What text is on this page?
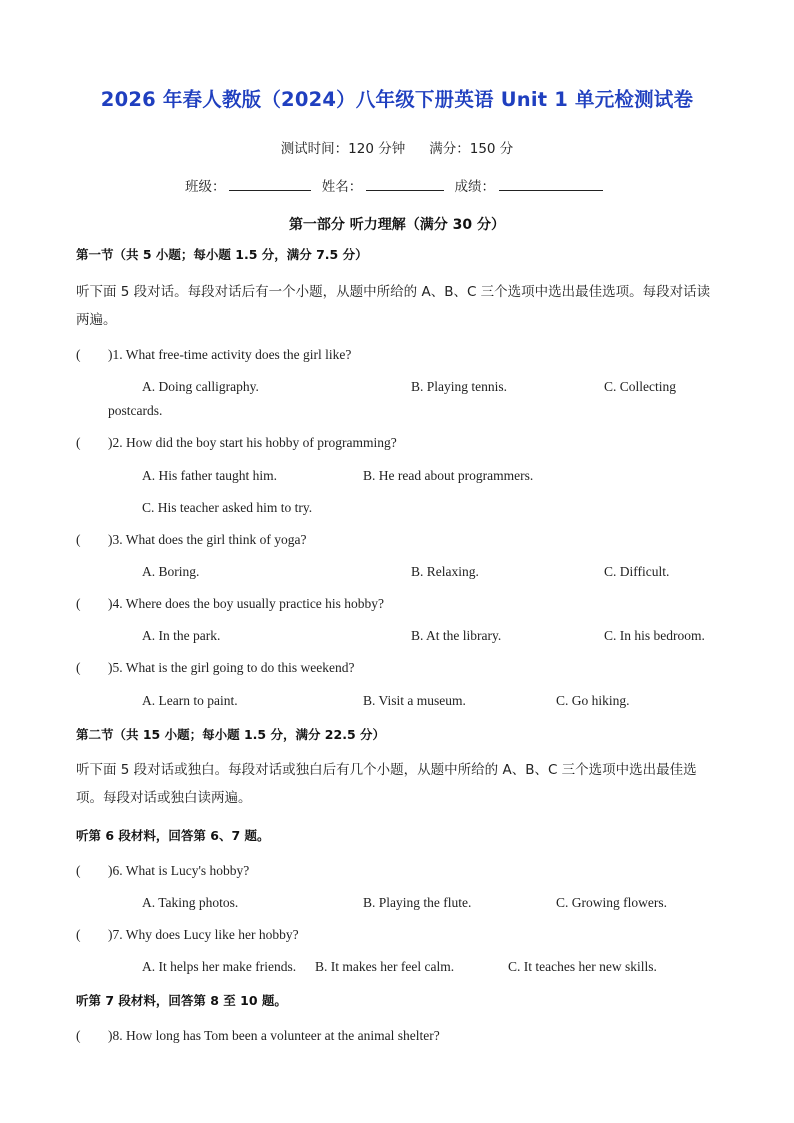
2026 年春人教版（2024）八年级下册英语 Unit 1 单元检测试卷
测试时间：120 分钟 满分：150 分
班级：	姓名：	成绩：
第一部分 听力理解（满分 30 分）
第一节（共 5 小题；每小题 1.5 分，满分 7.5 分）
听下面 5 段对话。每段对话后有一个小题，从题中所给的 A、B、C 三个选项中选出最佳选项。每段对话读两遍。
( )1. What free-time activity does the girl like?
A. Doing calligraphy.	B. Playing tennis.	C. Collecting
postcards.
( )2. How did the boy start his hobby of programming?
A. His father taught him.	B. He read about programmers.
C. His teacher asked him to try.
( )3. What does the girl think of yoga?
A. Boring.	B. Relaxing.	C. Difficult.
( )4. Where does the boy usually practice his hobby?
A. In the park.	B. At the library.	C. In his bedroom.
( )5. What is the girl going to do this weekend?
A. Learn to paint.	B. Visit a museum.	C. Go hiking.
第二节（共 15 小题；每小题 1.5 分，满分 22.5 分）
听下面 5 段对话或独白。每段对话或独白后有几个小题，从题中所给的 A、B、C 三个选项中选出最佳选项。每段对话或独白读两遍。
听第 6 段材料，回答第 6、7 题。
( )6. What is Lucy's hobby?
A. Taking photos.	B. Playing the flute.	C. Growing flowers.
( )7. Why does Lucy like her hobby?
A. It helps her make friends. B. It makes her feel calm.	C. It teaches her new skills.
听第 7 段材料，回答第 8 至 10 题。
( )8. How long has Tom been a volunteer at the animal shelter?
